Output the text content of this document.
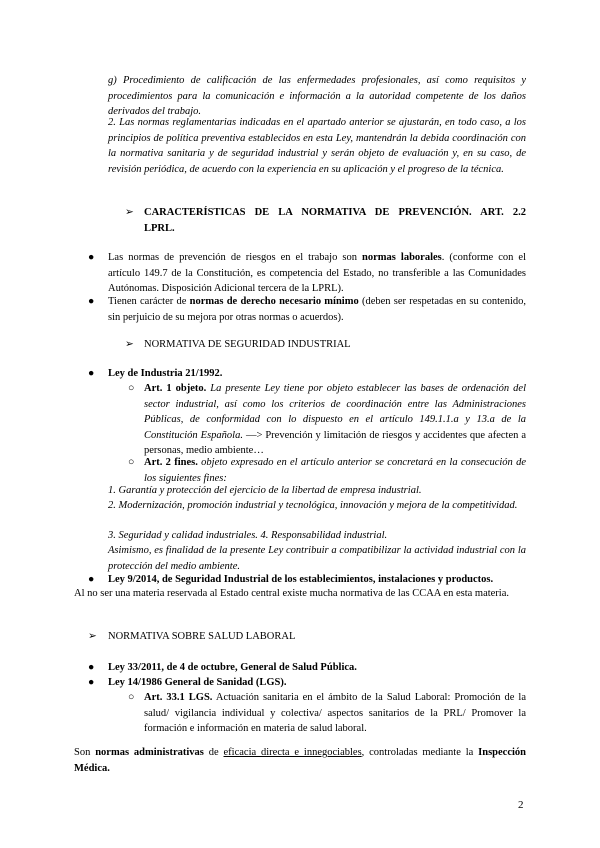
g) Procedimiento de calificación de las enfermedades profesionales, así como requisitos y procedimientos para la comunicación e información a la autoridad competente de los daños derivados del trabajo.

2. Las normas reglamentarias indicadas en el apartado anterior se ajustarán, en todo caso, a los principios de política preventiva establecidos en esta Ley, mantendrán la debida coordinación con la normativa sanitaria y de seguridad industrial y serán objeto de evaluación y, en su caso, de revisión periódica, de acuerdo con la experiencia en su aplicación y el progreso de la técnica.

➢ CARACTERÍSTICAS DE LA NORMATIVA DE PREVENCIÓN. ART. 2.2
LPRL.
● Las normas de prevención de riesgos en el trabajo son normas laborales. (conforme con el artículo 149.7 de la Constitución, es competencia del Estado, no transferible a las Comunidades Autónomas. Disposición Adicional tercera de la LPRL).

● Tienen carácter de normas de derecho necesario mínimo (deben ser respetadas en su contenido, sin perjuicio de su mejora por otras normas o acuerdos).

➢ NORMATIVA DE SEGURIDAD INDUSTRIAL
● Ley de Industria 21/1992.
○ Art. 1 objeto. La presente Ley tiene por objeto establecer las bases de ordenación del sector industrial, así como los criterios de coordinación entre las Administraciones Públicas, de conformidad con lo dispuesto en el artículo 149.1.1.a y 13.a de la Constitución Española. —> Prevención y limitación de riesgos y accidentes que afecten a personas, medio ambiente…

○ Art. 2 fines. objeto expresado en el artículo anterior se concretará en la consecución de los siguientes fines:

1. Garantía y protección del ejercicio de la libertad de empresa industrial.

2. Modernización, promoción industrial y tecnológica, innovación y mejora de la competitividad.

3. Seguridad y calidad industriales. 4. Responsabilidad industrial.

Asimismo, es finalidad de la presente Ley contribuir a compatibilizar la actividad industrial con la protección del medio ambiente.

● Ley 9/2014, de Seguridad Industrial de los establecimientos, instalaciones y productos.

Al no ser una materia reservada al Estado central existe mucha normativa de las CCAA en esta materia.

➢ NORMATIVA SOBRE SALUD LABORAL
● Ley 33/2011, de 4 de octubre, General de Salud Pública.
● Ley 14/1986 General de Sanidad (LGS).
○ Art. 33.1 LGS. Actuación sanitaria en el ámbito de la Salud Laboral: Promoción de la salud/ vigilancia individual y colectiva/ aspectos sanitarios de la PRL/ Promover la formación e información en materia de salud laboral.

Son normas administrativas de eficacia directa e innegociables, controladas mediante la Inspección Médica.

2
